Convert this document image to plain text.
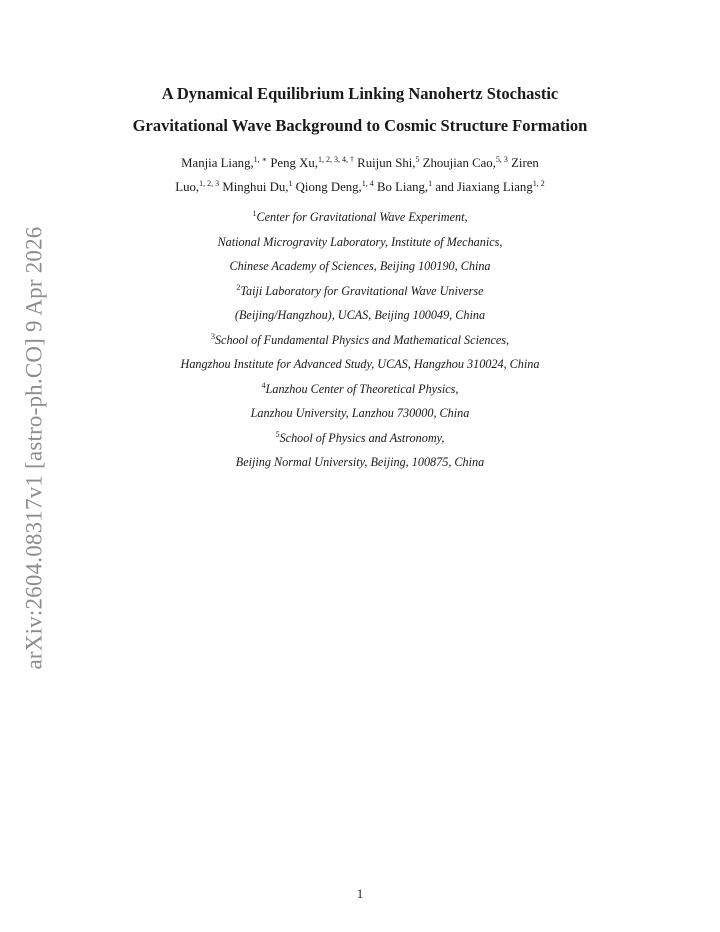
arXiv:2604.08317v1 [astro-ph.CO] 9 Apr 2026
A Dynamical Equilibrium Linking Nanohertz Stochastic
Gravitational Wave Background to Cosmic Structure Formation
Manjia Liang,$^{1, ∗}$ Peng Xu,$^{1, 2, 3, 4, \dagger}$ Ruijun Shi,$^5$ Zhoujian Cao,$^{5, 3}$ Ziren
Luo,$^{1, 2, 3}$ Minghui Du,$^1$ Qiong Deng,$^{1, 4}$ Bo Liang,$^1$ and Jiaxiang Liang$^{1, 2}$
$^1$Center for Gravitational Wave Experiment,
National Microgravity Laboratory, Institute of Mechanics,
Chinese Academy of Sciences, Beijing 100190, China
$^2$Taiji Laboratory for Gravitational Wave Universe
(Beijing/Hangzhou), UCAS, Beijing 100049, China
$^3$School of Fundamental Physics and Mathematical Sciences,
Hangzhou Institute for Advanced Study, UCAS, Hangzhou 310024, China
$^4$Lanzhou Center of Theoretical Physics,
Lanzhou University, Lanzhou 730000, China
$^5$School of Physics and Astronomy,
Beijing Normal University, Beijing, 100875, China
1
